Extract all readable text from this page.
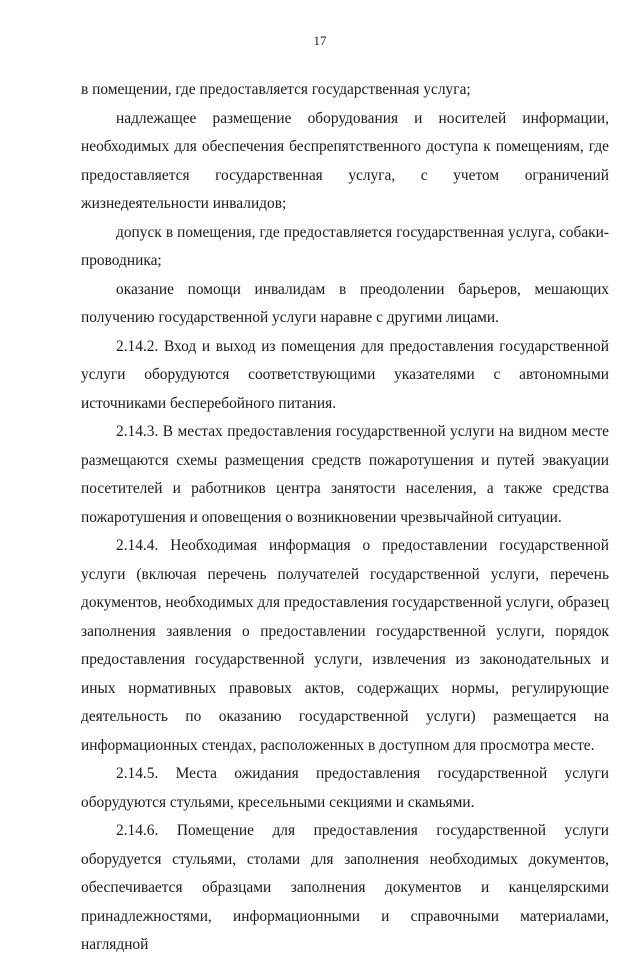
17

в помещении, где предоставляется государственная услуга;

надлежащее размещение оборудования и носителей информации, необходимых для обеспечения беспрепятственного доступа к помещениям, где предоставляется государственная услуга, с учетом ограничений жизнедеятельности инвалидов;

допуск в помещения, где предоставляется государственная услуга, собаки-проводника;

оказание помощи инвалидам в преодолении барьеров, мешающих получению государственной услуги наравне с другими лицами.

2.14.2. Вход и выход из помещения для предоставления государственной услуги оборудуются соответствующими указателями с автономными источниками бесперебойного питания.

2.14.3. В местах предоставления государственной услуги на видном месте размещаются схемы размещения средств пожаротушения и путей эвакуации посетителей и работников центра занятости населения, а также средства пожаротушения и оповещения о возникновении чрезвычайной ситуации.

2.14.4. Необходимая информация о предоставлении государственной услуги (включая перечень получателей государственной услуги, перечень документов, необходимых для предоставления государственной услуги, образец заполнения заявления о предоставлении государственной услуги, порядок предоставления государственной услуги, извлечения из законодательных и иных нормативных правовых актов, содержащих нормы, регулирующие деятельность по оказанию государственной услуги) размещается на информационных стендах, расположенных в доступном для просмотра месте.

2.14.5. Места ожидания предоставления государственной услуги оборудуются стульями, кресельными секциями и скамьями.

2.14.6. Помещение для предоставления государственной услуги оборудуется стульями, столами для заполнения необходимых документов, обеспечивается образцами заполнения документов и канцелярскими принадлежностями, информационными и справочными материалами, наглядной
